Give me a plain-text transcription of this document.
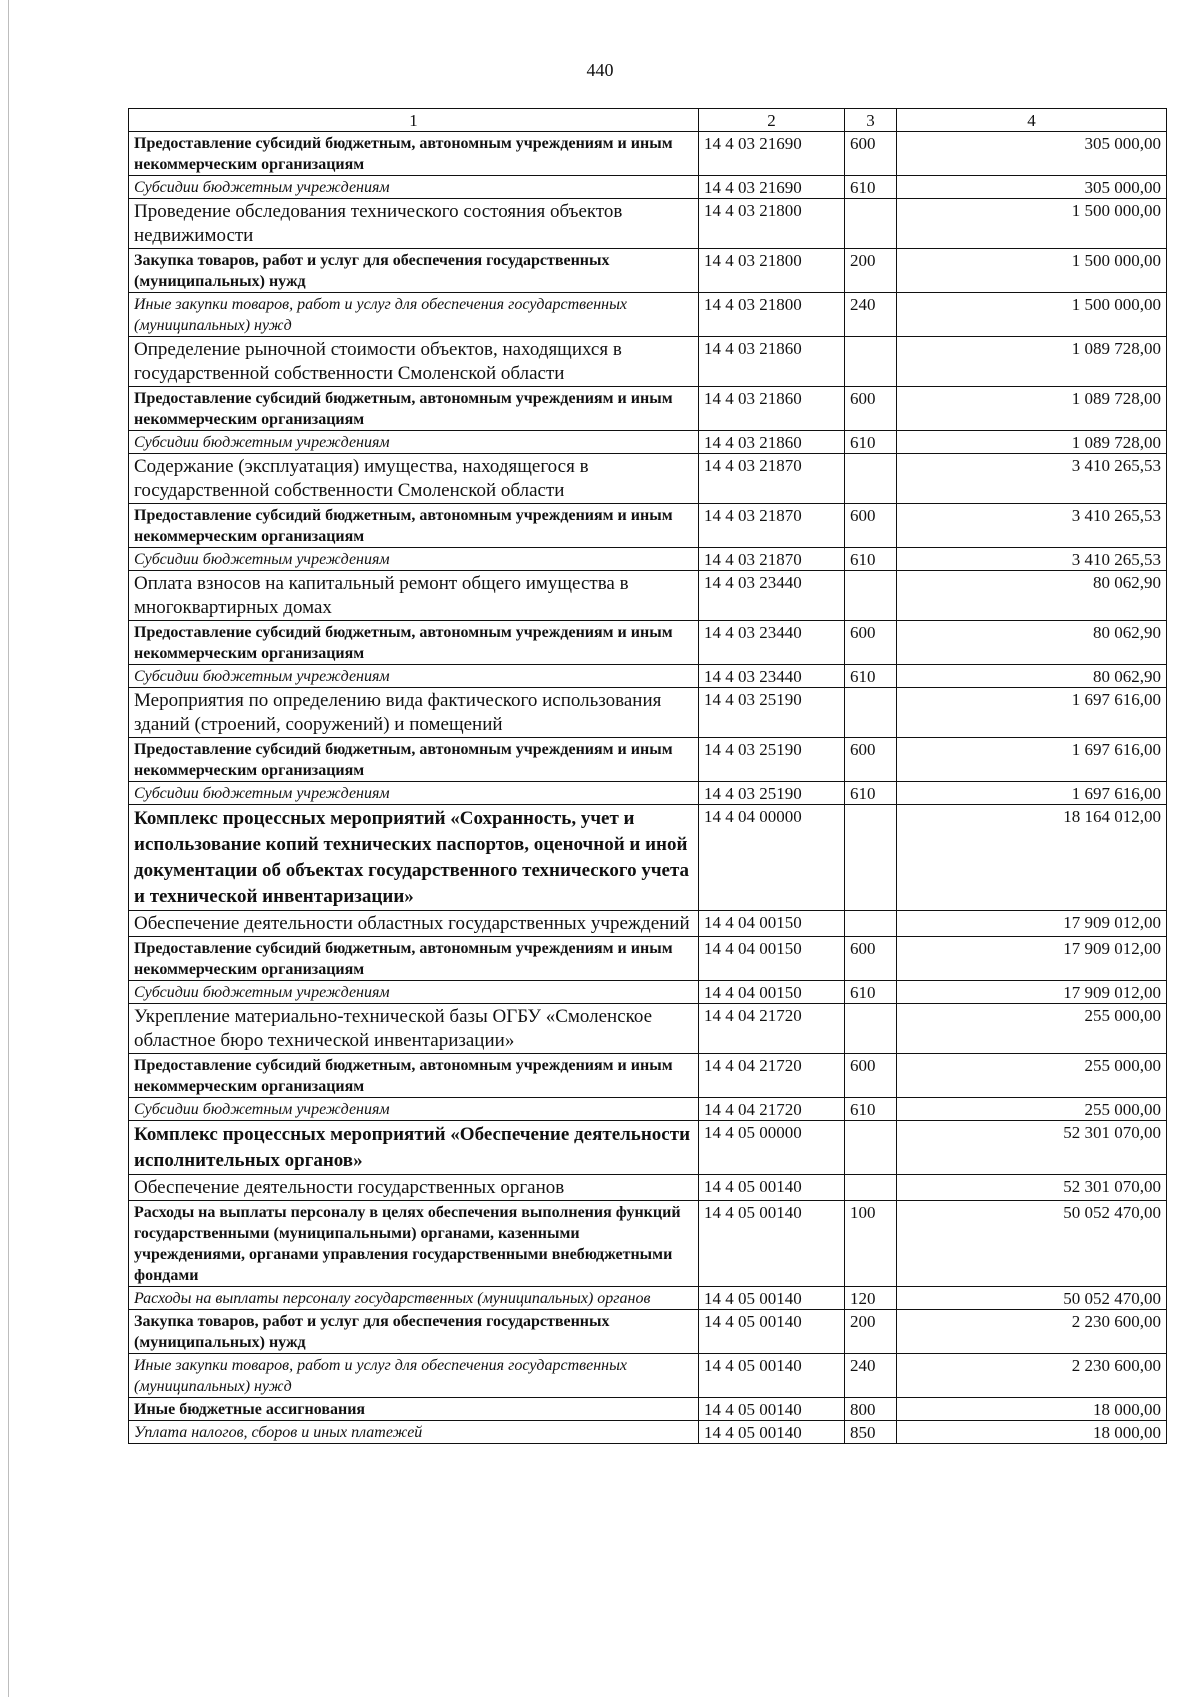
440
1	2	3	4
Предоставление субсидий бюджетным, автономным учреждениям и иным некоммерческим организациям	14 4 03 21690	600	305 000,00
Субсидии бюджетным учреждениям	14 4 03 21690	610	305 000,00
Проведение обследования технического состояния объектов недвижимости	14 4 03 21800		1 500 000,00
Закупка товаров, работ и услуг для обеспечения государственных (муниципальных) нужд	14 4 03 21800	200	1 500 000,00
Иные закупки товаров, работ и услуг для обеспечения государственных (муниципальных) нужд	14 4 03 21800	240	1 500 000,00
Определение рыночной стоимости объектов, находящихся в государственной собственности Смоленской области	14 4 03 21860		1 089 728,00
Предоставление субсидий бюджетным, автономным учреждениям и иным некоммерческим организациям	14 4 03 21860	600	1 089 728,00
Субсидии бюджетным учреждениям	14 4 03 21860	610	1 089 728,00
Содержание (эксплуатация) имущества, находящегося в государственной собственности Смоленской области	14 4 03 21870		3 410 265,53
Предоставление субсидий бюджетным, автономным учреждениям и иным некоммерческим организациям	14 4 03 21870	600	3 410 265,53
Субсидии бюджетным учреждениям	14 4 03 21870	610	3 410 265,53
Оплата взносов на капитальный ремонт общего имущества в многоквартирных домах	14 4 03 23440		80 062,90
Предоставление субсидий бюджетным, автономным учреждениям и иным некоммерческим организациям	14 4 03 23440	600	80 062,90
Субсидии бюджетным учреждениям	14 4 03 23440	610	80 062,90
Мероприятия по определению вида фактического использования зданий (строений, сооружений) и помещений	14 4 03 25190		1 697 616,00
Предоставление субсидий бюджетным, автономным учреждениям и иным некоммерческим организациям	14 4 03 25190	600	1 697 616,00
Субсидии бюджетным учреждениям	14 4 03 25190	610	1 697 616,00
Комплекс процессных мероприятий «Сохранность, учет и использование копий технических паспортов, оценочной и иной документации об объектах государственного технического учета и технической инвентаризации»	14 4 04 00000		18 164 012,00
Обеспечение деятельности областных государственных учреждений	14 4 04 00150		17 909 012,00
Предоставление субсидий бюджетным, автономным учреждениям и иным некоммерческим организациям	14 4 04 00150	600	17 909 012,00
Субсидии бюджетным учреждениям	14 4 04 00150	610	17 909 012,00
Укрепление материально-технической базы ОГБУ «Смоленское областное бюро технической инвентаризации»	14 4 04 21720		255 000,00
Предоставление субсидий бюджетным, автономным учреждениям и иным некоммерческим организациям	14 4 04 21720	600	255 000,00
Субсидии бюджетным учреждениям	14 4 04 21720	610	255 000,00
Комплекс процессных мероприятий «Обеспечение деятельности исполнительных органов»	14 4 05 00000		52 301 070,00
Обеспечение деятельности государственных органов	14 4 05 00140		52 301 070,00
Расходы на выплаты персоналу в целях обеспечения выполнения функций государственными (муниципальными) органами, казенными учреждениями, органами управления государственными внебюджетными фондами	14 4 05 00140	100	50 052 470,00
Расходы на выплаты персоналу государственных (муниципальных) органов	14 4 05 00140	120	50 052 470,00
Закупка товаров, работ и услуг для обеспечения государственных (муниципальных) нужд	14 4 05 00140	200	2 230 600,00
Иные закупки товаров, работ и услуг для обеспечения государственных (муниципальных) нужд	14 4 05 00140	240	2 230 600,00
Иные бюджетные ассигнования	14 4 05 00140	800	18 000,00
Уплата налогов, сборов и иных платежей	14 4 05 00140	850	18 000,00
